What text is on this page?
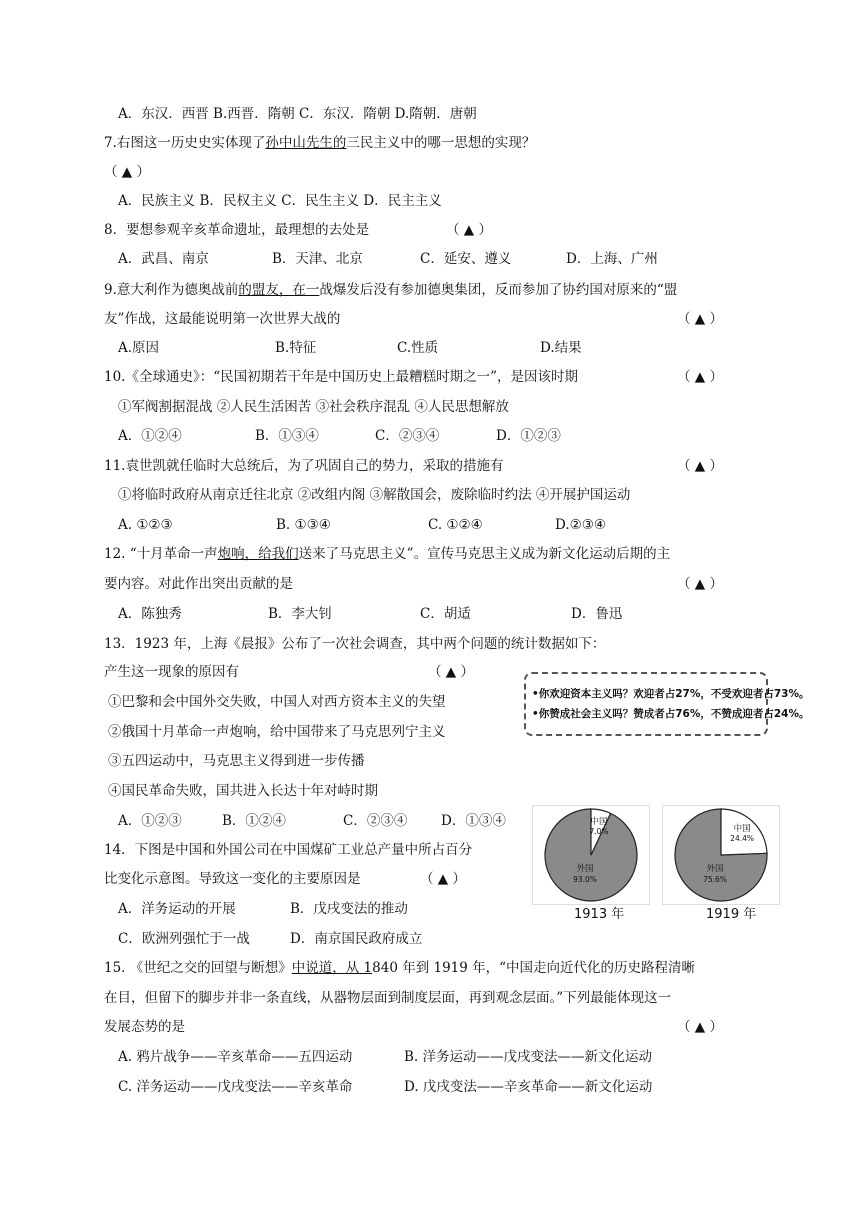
A．东汉．西晋 B.西晋．隋朝 C．东汉．隋朝 D.隋朝．唐朝
7.右图这一历史史实体现了孙中山先生的三民主义中的哪一思想的实现？
（ ▲ ）
A．民族主义 B．民权主义 C．民生主义 D．民主主义
8．要想参观辛亥革命遗址，最理想的去处是	（ ▲ ）
A．武昌、南京	B．天津、北京	C．延安、遵义	D．上海、广州
9.意大利作为德奥战前的盟友，在一战爆发后没有参加德奥集团，反而参加了协约国对原来的“盟
友”作战，这最能说明第一次世界大战的	（ ▲ ）
A.原因	B.特征	C.性质	D.结果
10.《全球通史》：“民国初期若干年是中国历史上最糟糕时期之一”，是因该时期	（ ▲ ）
①军阀割据混战 ②人民生活困苦 ③社会秩序混乱 ④人民思想解放
A．①②④	B．①③④	C．②③④	D．①②③
11.袁世凯就任临时大总统后，为了巩固自己的势力，采取的措施有	（ ▲ ）
①将临时政府从南京迁往北京 ②改组内阁 ③解散国会，废除临时约法 ④开展护国运动
A. ①②③	B. ①③④	C. ①②④	D.②③④
12. “十月革命一声炮响，给我们送来了马克思主义”。宣传马克思主义成为新文化运动后期的主
要内容。对此作出突出贡献的是	（ ▲ ）
A．陈独秀	B．李大钊	C．胡适	D．鲁迅
13．1923 年，上海《晨报》公布了一次社会调查，其中两个问题的统计数据如下：
产生这一现象的原因有	（ ▲ ）
•你欢迎资本主义吗？欢迎者占27%，不受欢迎者占73%。
•你赞成社会主义吗？赞成者占76%，不赞成迎者占24%。
①巴黎和会中国外交失败，中国人对西方资本主义的失望
②俄国十月革命一声炮响，给中国带来了马克思列宁主义
③五四运动中，马克思主义得到进一步传播
④国民革命失败，国共进入长达十年对峙时期
A．①②③	B．①②④	C．②③④ D．①③④	中国
7.0%
外国
93.0%
中国
24.4%
外国
75.6%
1913 年	1919 年
14．下图是中国和外国公司在中国煤矿工业总产量中所占百分
比变化示意图。导致这一变化的主要原因是	（ ▲ ）
A．洋务运动的开展	B．戊戌变法的推动
C．欧洲列强忙于一战	D．南京国民政府成立
15. 《世纪之交的回望与断想》中说道，从 1840 年到 1919 年，“中国走向近代化的历史路程清晰
在目，但留下的脚步并非一条直线，从器物层面到制度层面，再到观念层面。”下列最能体现这一
发展态势的是	（ ▲ ）
A. 鸦片战争——辛亥革命——五四运动	B. 洋务运动——戊戌变法——新文化运动
C. 洋务运动——戊戌变法——辛亥革命	D. 戊戌变法——辛亥革命——新文化运动
